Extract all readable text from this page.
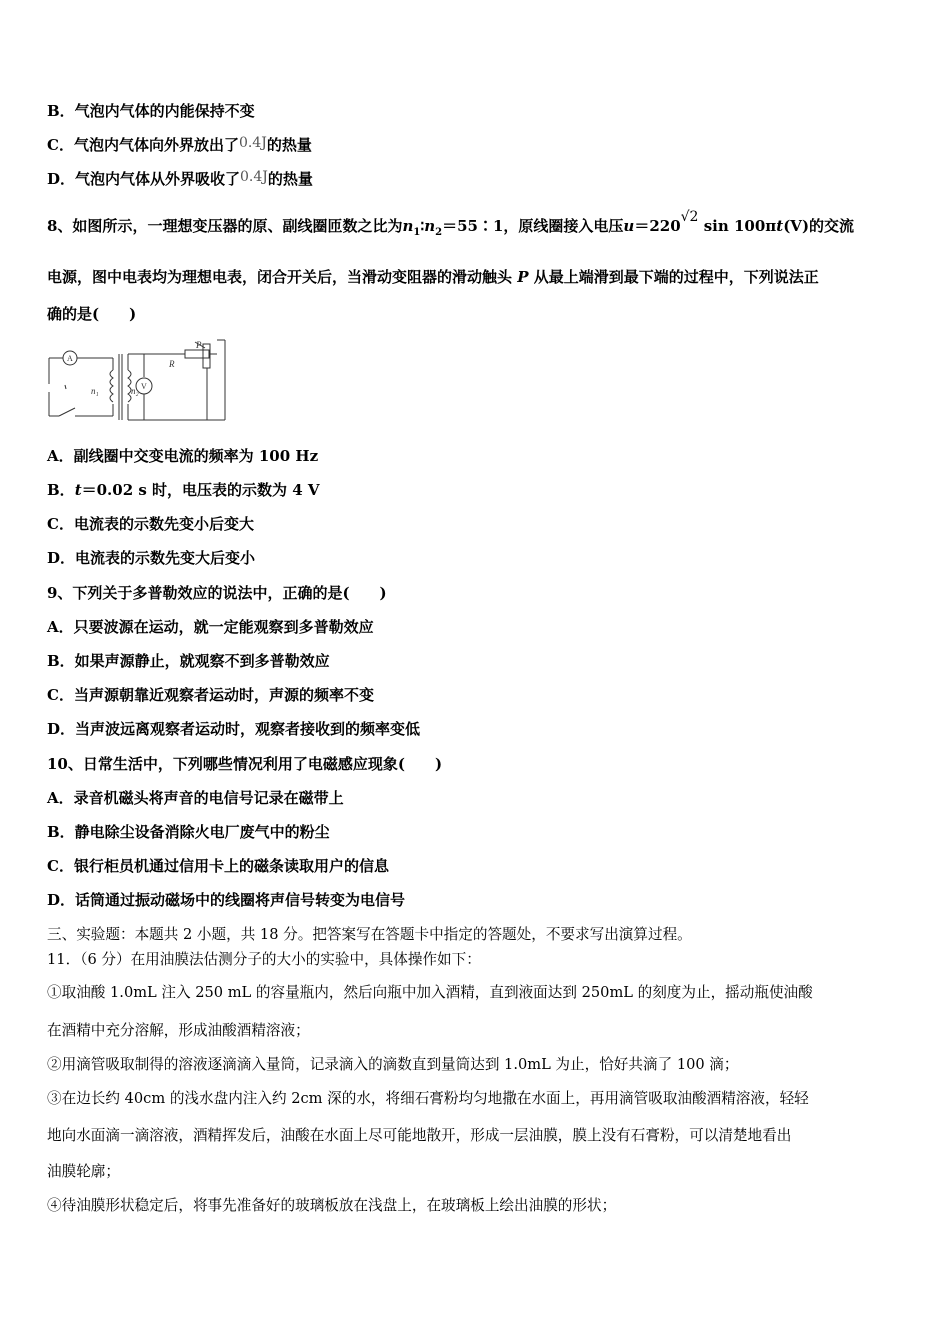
B．气泡内气体的内能保持不变
C．气泡内气体向外界放出了0.4J的热量
D．气泡内气体从外界吸收了0.4J的热量
8、如图所示，一理想变压器的原、副线圈匝数之比为$n_1∶n_2=55∶1$，原线圈接入电压u＝220√2 sin 100πt(V)的交流
电源，图中电表均为理想电表，闭合开关后，当滑动变阻器的滑动触头 P 从最上端滑到最下端的过程中，下列说法正
确的是(　　)
A
V
R
P
n₁	n₂
A．副线圈中交变电流的频率为 100 Hz
B．t＝0.02 s 时，电压表的示数为 4 V
C．电流表的示数先变小后变大
D．电流表的示数先变大后变小
9、下列关于多普勒效应的说法中，正确的是(　　)
A．只要波源在运动，就一定能观察到多普勒效应
B．如果声源静止，就观察不到多普勒效应
C．当声源朝靠近观察者运动时，声源的频率不变
D．当声波远离观察者运动时，观察者接收到的频率变低
10、日常生活中，下列哪些情况利用了电磁感应现象(　　)
A．录音机磁头将声音的电信号记录在磁带上
B．静电除尘设备消除火电厂废气中的粉尘
C．银行柜员机通过信用卡上的磁条读取用户的信息
D．话筒通过振动磁场中的线圈将声信号转变为电信号
三、实验题：本题共 2 小题，共 18 分。把答案写在答题卡中指定的答题处，不要求写出演算过程。
11．（6 分）在用油膜法估测分子的大小的实验中，具体操作如下：
①取油酸 1.0mL 注入 250 mL 的容量瓶内，然后向瓶中加入酒精，直到液面达到 250mL 的刻度为止，摇动瓶使油酸
在酒精中充分溶解，形成油酸酒精溶液；
②用滴管吸取制得的溶液逐滴滴入量筒，记录滴入的滴数直到量筒达到 1.0mL 为止，恰好共滴了 100 滴；
③在边长约 40cm 的浅水盘内注入约 2cm 深的水，将细石膏粉均匀地撒在水面上，再用滴管吸取油酸酒精溶液，轻轻
地向水面滴一滴溶液，酒精挥发后，油酸在水面上尽可能地散开，形成一层油膜，膜上没有石膏粉，可以清楚地看出
油膜轮廓；
④待油膜形状稳定后，将事先准备好的玻璃板放在浅盘上，在玻璃板上绘出油膜的形状；
